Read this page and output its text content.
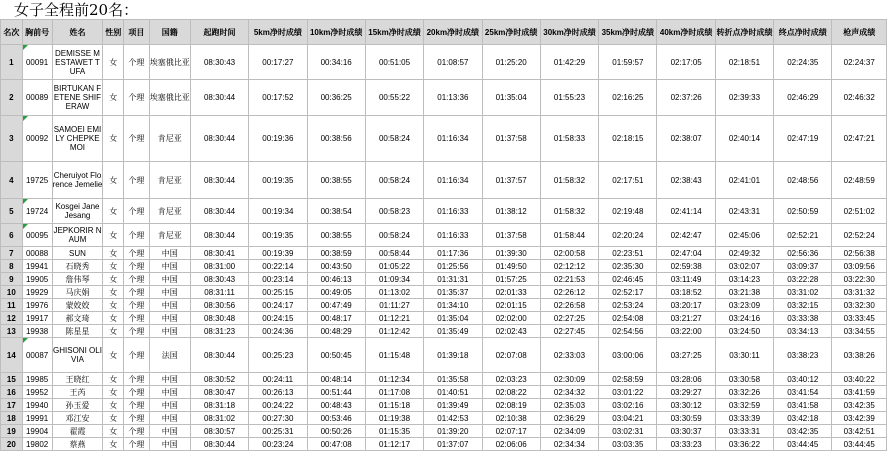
女子全程前20名：
名次	胸前号	姓名	性别	项目	国籍	起跑时间	5km净时成绩	10km净时成绩	15km净时成绩	20km净时成绩	25km净时成绩	30km净时成绩	35km净时成绩	40km净时成绩	转折点净时成绩	终点净时成绩	枪声成绩
1	00091	DEMISSE MESTAWET TUFA	女	个理	埃塞俄比亚	08:30:43	00:17:27	00:34:16	00:51:05	01:08:57	01:25:20	01:42:29	01:59:57	02:17:05	02:18:51	02:24:35	02:24:37
2	00089	BIRTUKAN FETENE SHIFERAW	女	个理	埃塞俄比亚	08:30:44	00:17:52	00:36:25	00:55:22	01:13:36	01:35:04	01:55:23	02:16:25	02:37:26	02:39:33	02:46:29	02:46:32
3	00092	SAMOEI EMILY CHEPKEMOI	女	个理	肯尼亚	08:30:44	00:19:36	00:38:56	00:58:24	01:16:34	01:37:58	01:58:33	02:18:15	02:38:07	02:40:14	02:47:19	02:47:21
4	19725	Cheruiyot Florence Jemelie	女	个理	肯尼亚	08:30:44	00:19:35	00:38:55	00:58:24	01:16:34	01:37:57	01:58:32	02:17:51	02:38:43	02:41:01	02:48:56	02:48:59
5	19724	Kosgei Jane Jesang	女	个理	肯尼亚	08:30:44	00:19:34	00:38:54	00:58:23	01:16:33	01:38:12	01:58:32	02:19:48	02:41:14	02:43:31	02:50:59	02:51:02
6	00095	JEPKORIR NAUM	女	个理	肯尼亚	08:30:44	00:19:35	00:38:55	00:58:24	01:16:33	01:37:58	01:58:44	02:20:24	02:42:47	02:45:06	02:52:21	02:52:24
7	00088	SUN	女	个理	中国	08:30:41	00:19:39	00:38:59	00:58:44	01:17:36	01:39:30	02:00:58	02:23:51	02:47:04	02:49:32	02:56:36	02:56:38
8	19941	石晓秀	女	个理	中国	08:31:00	00:22:14	00:43:50	01:05:22	01:25:56	01:49:50	02:12:12	02:35:30	02:59:38	03:02:07	03:09:37	03:09:56
9	19905	詹伟琴	女	个理	中国	08:30:43	00:23:14	00:46:13	01:09:34	01:31:31	01:57:25	02:21:53	02:46:45	03:11:49	03:14:23	03:22:28	03:22:30
10	19929	马庆娟	女	个理	中国	08:31:11	00:25:15	00:49:05	01:13:02	01:35:37	02:01:33	02:26:12	02:52:17	03:18:52	03:21:38	03:31:02	03:31:32
11	19976	蒙姣姣	女	个理	中国	08:30:56	00:24:17	00:47:49	01:11:27	01:34:10	02:01:15	02:26:58	02:53:24	03:20:17	03:23:09	03:32:15	03:32:30
12	19917	郝文琦	女	个理	中国	08:30:48	00:24:15	00:48:17	01:12:21	01:35:04	02:02:00	02:27:25	02:54:08	03:21:27	03:24:16	03:33:38	03:33:45
13	19938	陈星星	女	个理	中国	08:31:23	00:24:36	00:48:29	01:12:42	01:35:49	02:02:43	02:27:45	02:54:56	03:22:00	03:24:50	03:34:13	03:34:55
14	00087	GHISONI OLIVIA	女	个理	法国	08:30:44	00:25:23	00:50:45	01:15:48	01:39:18	02:07:08	02:33:03	03:00:06	03:27:25	03:30:11	03:38:23	03:38:26
15	19985	王晓红	女	个理	中国	08:30:52	00:24:11	00:48:14	01:12:34	01:35:58	02:03:23	02:30:09	02:58:59	03:28:06	03:30:58	03:40:12	03:40:22
16	19952	王芮	女	个理	中国	08:30:47	00:26:13	00:51:44	01:17:08	01:40:51	02:08:22	02:34:32	03:01:22	03:29:27	03:32:26	03:41:54	03:41:59
17	19940	孙玉爱	女	个理	中国	08:31:18	00:24:22	00:48:43	01:15:18	01:39:49	02:08:19	02:35:03	03:02:16	03:30:12	03:32:59	03:41:58	03:42:35
18	19991	邓江安	女	个理	中国	08:31:02	00:27:30	00:53:46	01:19:38	01:42:53	02:10:38	02:36:29	03:04:21	03:30:59	03:33:39	03:42:18	03:42:39
19	19904	翟霞	女	个理	中国	08:30:57	00:25:31	00:50:26	01:15:35	01:39:20	02:07:17	02:34:09	03:02:31	03:30:37	03:33:31	03:42:35	03:42:51
20	19802	蔡燕	女	个理	中国	08:30:44	00:23:24	00:47:08	01:12:17	01:37:07	02:06:06	02:34:34	03:03:35	03:33:23	03:36:22	03:44:45	03:44:45
